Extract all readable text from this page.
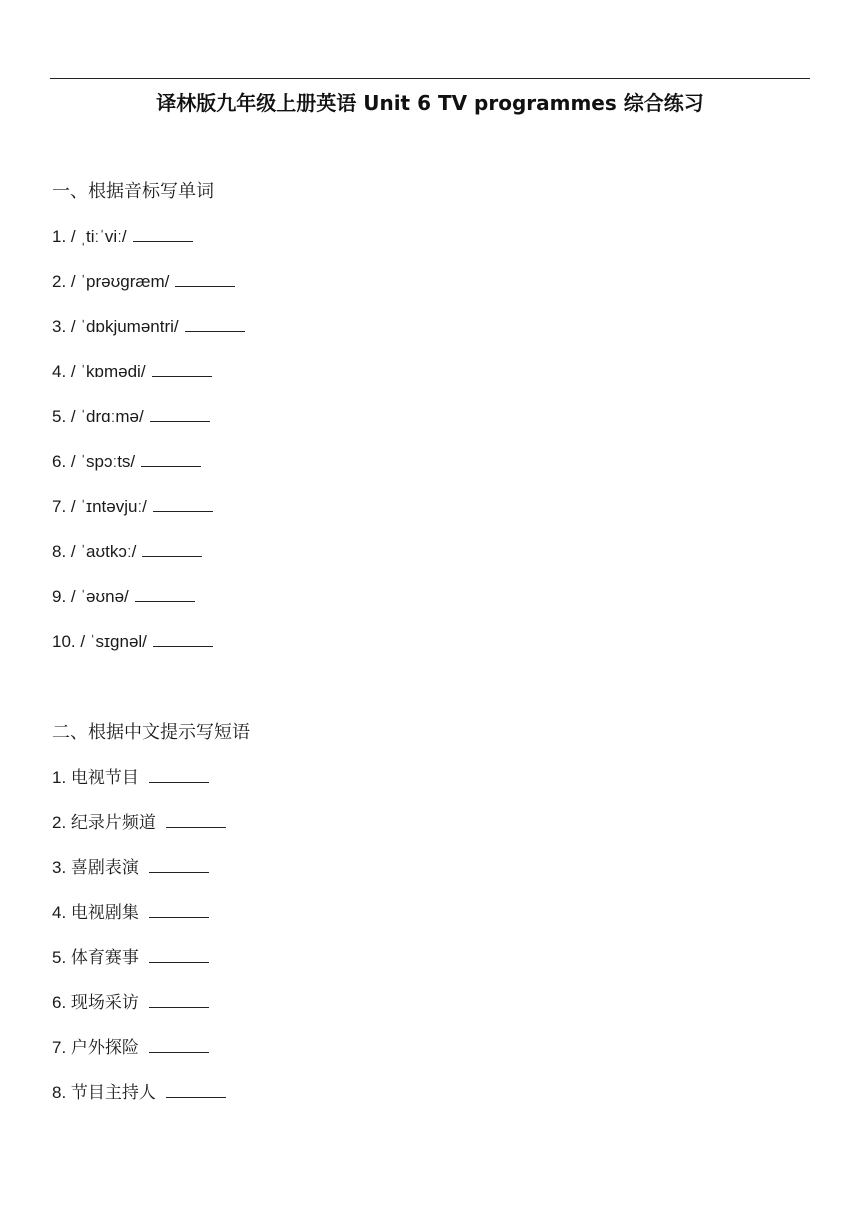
译林版九年级上册英语 Unit 6 TV programmes 综合练习
一、根据音标写单词
1. / ˌtiːˈviː/
2. / ˈprəʊɡræm/
3. / ˈdɒkjuməntri/
4. / ˈkɒmədi/
5. / ˈdrɑːmə/
6. / ˈspɔːts/
7. / ˈɪntəvjuː/
8. / ˈaʊtkɔː/
9. / ˈəʊnə/
10. / ˈsɪɡnəl/
二、根据中文提示写短语
1. 电视节目
2. 纪录片频道
3. 喜剧表演
4. 电视剧集
5. 体育赛事
6. 现场采访
7. 户外探险
8. 节目主持人
